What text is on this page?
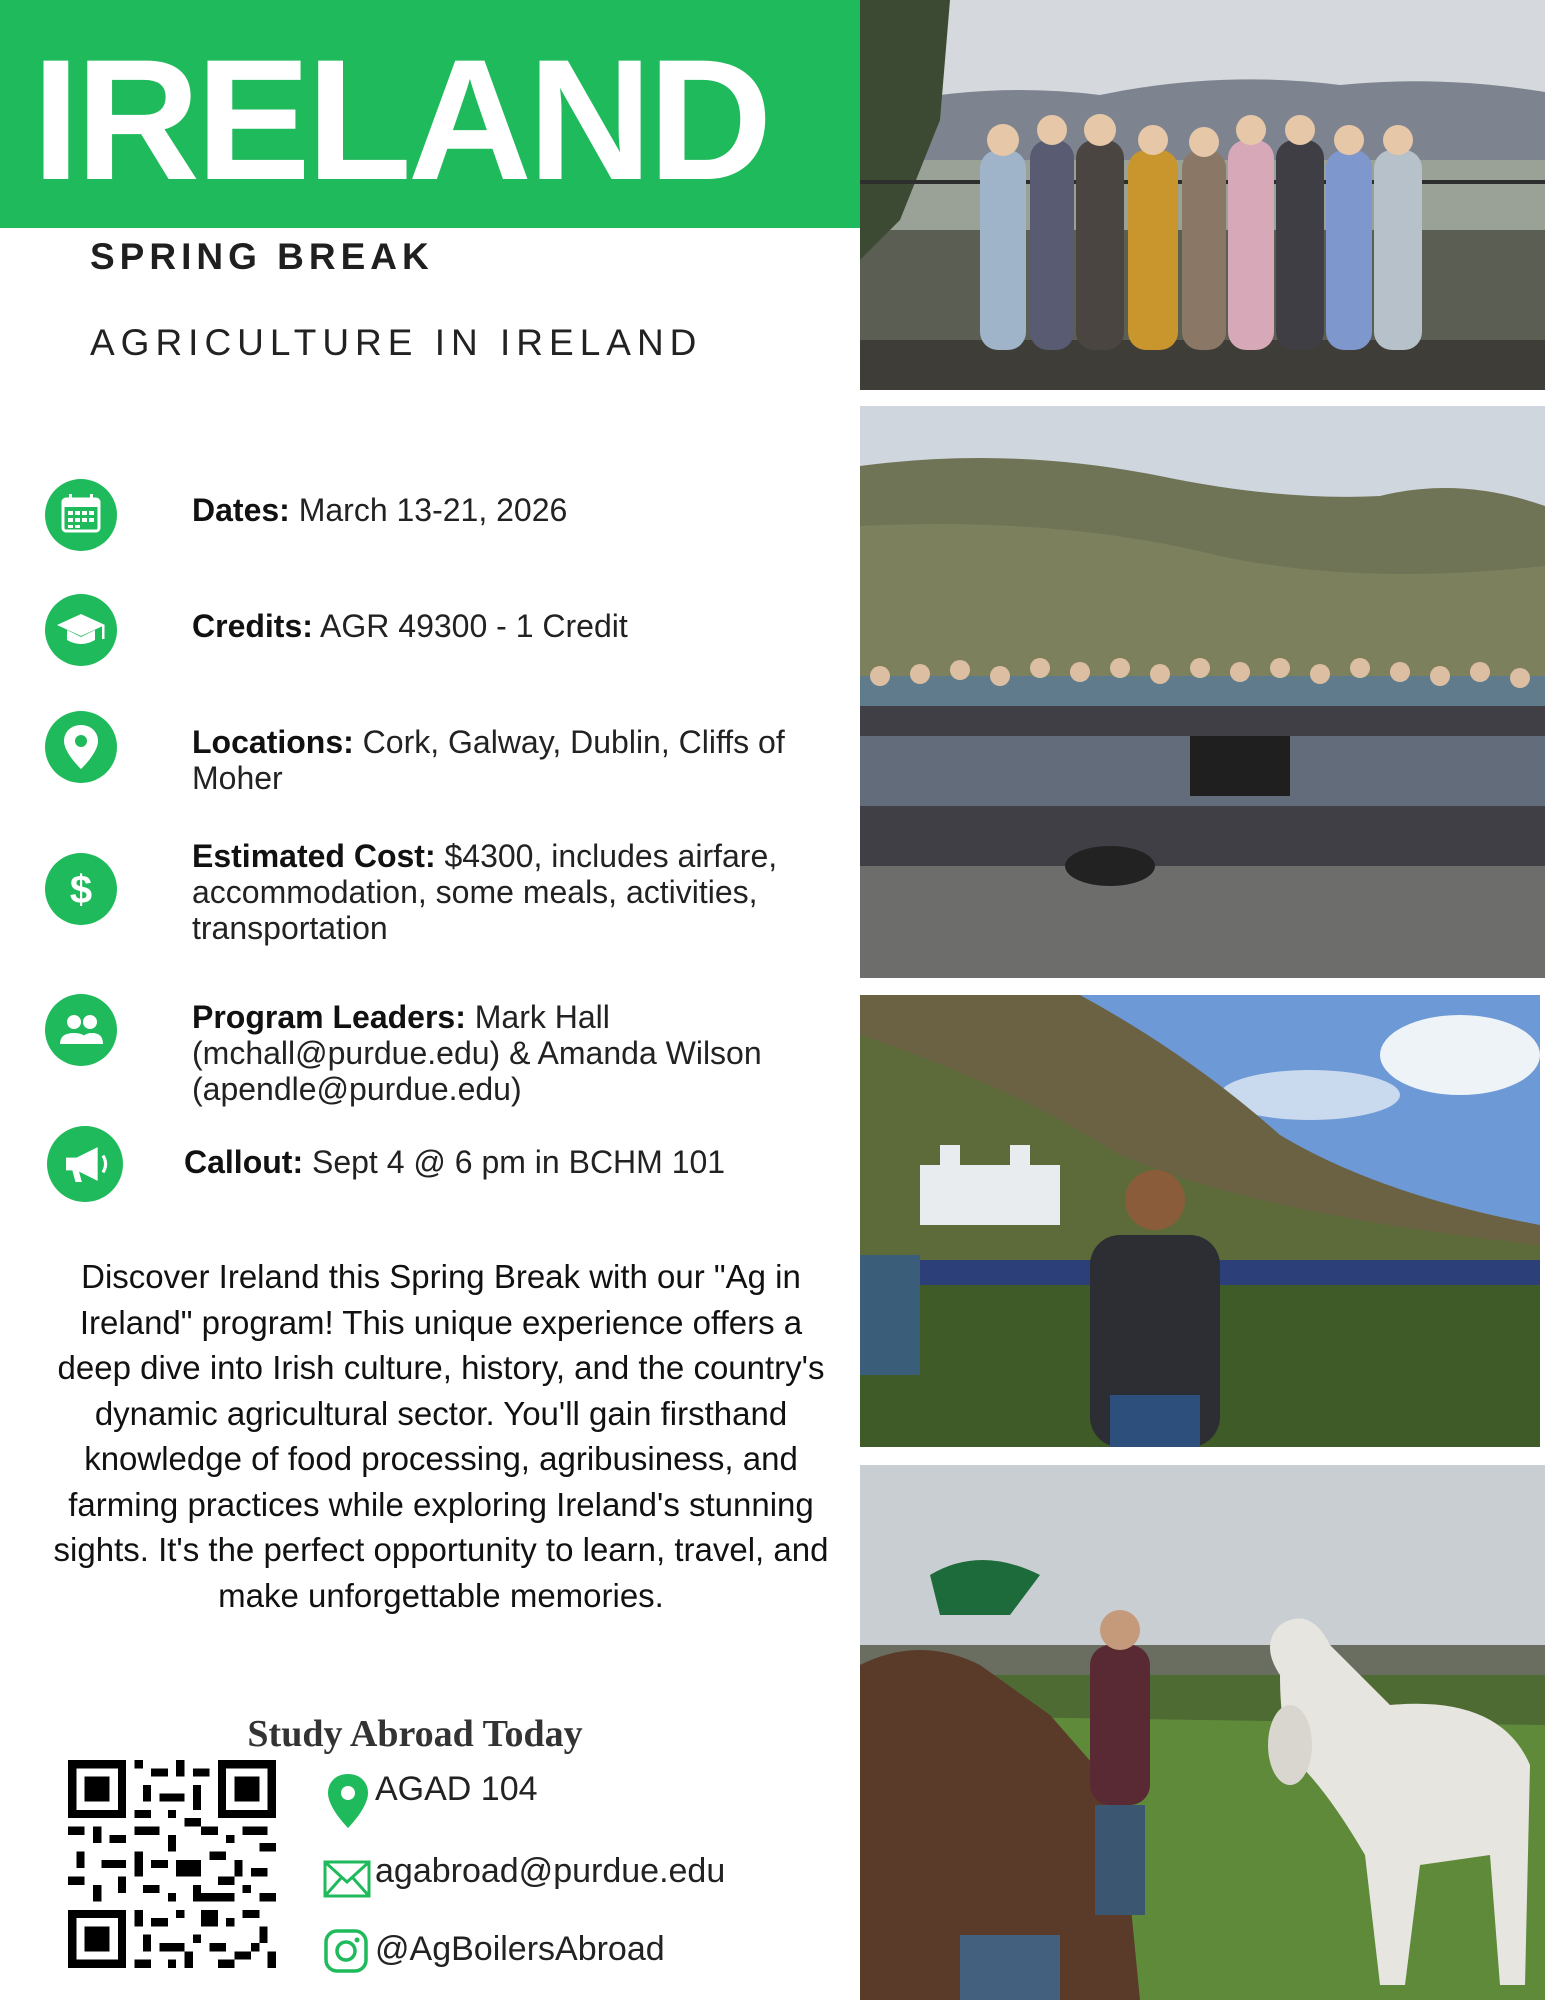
IRELAND
SPRING BREAK
AGRICULTURE IN IRELAND
Dates: March 13-21, 2026
Credits: AGR 49300 - 1 Credit
Locations: Cork, Galway, Dublin, Cliffs of Moher
$
Estimated Cost: $4300, includes airfare, accommodation, some meals, activities, transportation
Program Leaders: Mark Hall (mchall@purdue.edu) & Amanda Wilson (apendle@purdue.edu)
Callout: Sept 4 @ 6 pm in BCHM 101
Discover Ireland this Spring Break with our "Ag in Ireland" program! This unique experience offers a deep dive into Irish culture, history, and the country's dynamic agricultural sector. You'll gain firsthand knowledge of food processing, agribusiness, and farming practices while exploring Ireland's stunning sights. It's the perfect opportunity to learn, travel, and make unforgettable memories.
Study Abroad Today
AGAD 104
agabroad@purdue.edu
@AgBoilersAbroad
